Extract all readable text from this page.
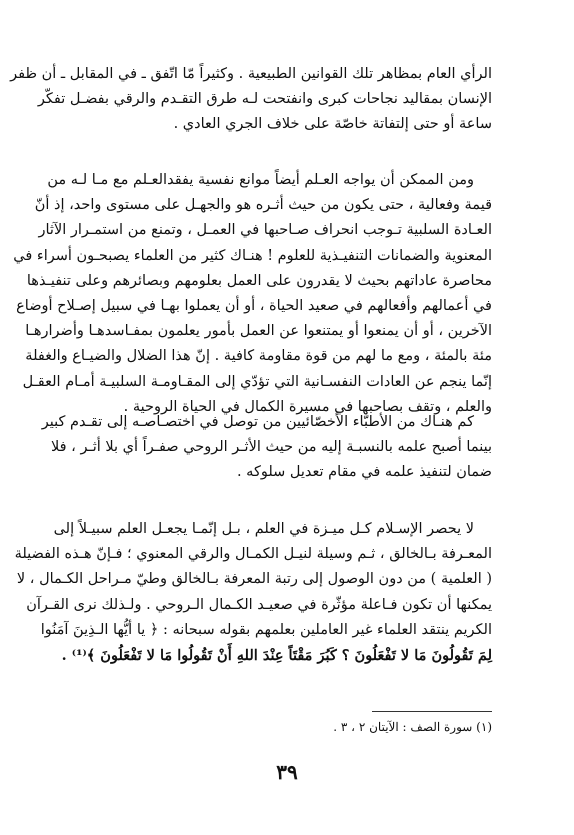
الرأي العام بمظاهر تلك القوانين الطبيعية . وكثيراً مّا اتّفق ـ في المقابل ـ أن ظفر
الإنسان بمقاليد نجاحات كبرى وانفتحت لـه طرق التقـدم والرقي بفضـل تفكّر
ساعة أو حتى إلتفاتة خاصّة على خلاف الجري العادي .

ومن الممكن أن يواجه العـلم أيضاً موانع نفسية يفقدالعـلم مع مـا لـه من
قيمة وفعالية ، حتى يكون من حيث أثـره هو والجهـل على مستوى واحد، إذ أنّ
العـادة السلبية تـوجب انحراف صـاحبها في العمـل ، وتمنع من استمـرار الآثار
المعنوية والضمانات التنفيـذية للعلوم ! هنـاك كثير من العلماء يصبحـون أسراء في
محاصرة عاداتهم بحيث لا يقدرون على العمل بعلومهم وبصائرهم وعلى تنفيـذها
في أعمالهم وأفعالهم في صعيد الحياة ، أو أن يعملوا بهـا في سبيل إصـلاح أوضاع
الآخرين ، أو أن يمنعوا أو يمتنعوا عن العمل بأمور يعلمون بمفـاسدهـا وأضرارهـا
مئة بالمئة ، ومع ما لهم من قوة مقاومة كافية . إنّ هذا الضلال والضيـاع والغفلة
إنّما ينجم عن العادات النفسـانية التي تؤدّي إلى المقـاومـة السلبيـة أمـام العقـل
والعلم ، وتقف بصاحبها في مسيرة الكمال في الحياة الروحية .

كم هنـاك من الأطبّاء الأخصّائيين من توصل في اختصـاصـه إلى تقـدم كبير
بينما أصبح علمه بالنسبـة إليه من حيث الأثـر الروحي صفـراً أي بلا أثـر ، فلا
ضمان لتنفيذ علمه في مقام تعديل سلوكه .

لا يحصر الإسـلام كـل ميـزة في العلم ، بـل إنّمـا يجعـل العلم سبيـلاً إلى
المعـرفة بـالخالق ، ثـم وسيلة لنيـل الكمـال والرقي المعنوي ؛ فـإنّ هـذه الفضيلة
( العلمية ) من دون الوصول إلى رتبة المعرفة بـالخالق وطيّ مـراحل الكـمال ، لا
يمكنها أن تكون فـاعلة مؤثّرة في صعيـد الكـمال الـروحي . ولـذلك نرى القـرآن
الكريم ينتقد العلماء غير العاملين بعلمهم بقوله سبحانه : ﴿ يا أيُّها الـذِينَ آمَنُوا
لِمَ تَقُولُونَ مَا لا تَفْعَلُونَ ؟ كَبُرَ مَقْتَاً عِنْدَ اللهِ أَنْ تَقُولُوا مَا لا تَفْعَلُونَ ﴾⁽¹⁾ .

(١) سورة الصف : الآيتان ٢ ، ٣ .
٣٩
